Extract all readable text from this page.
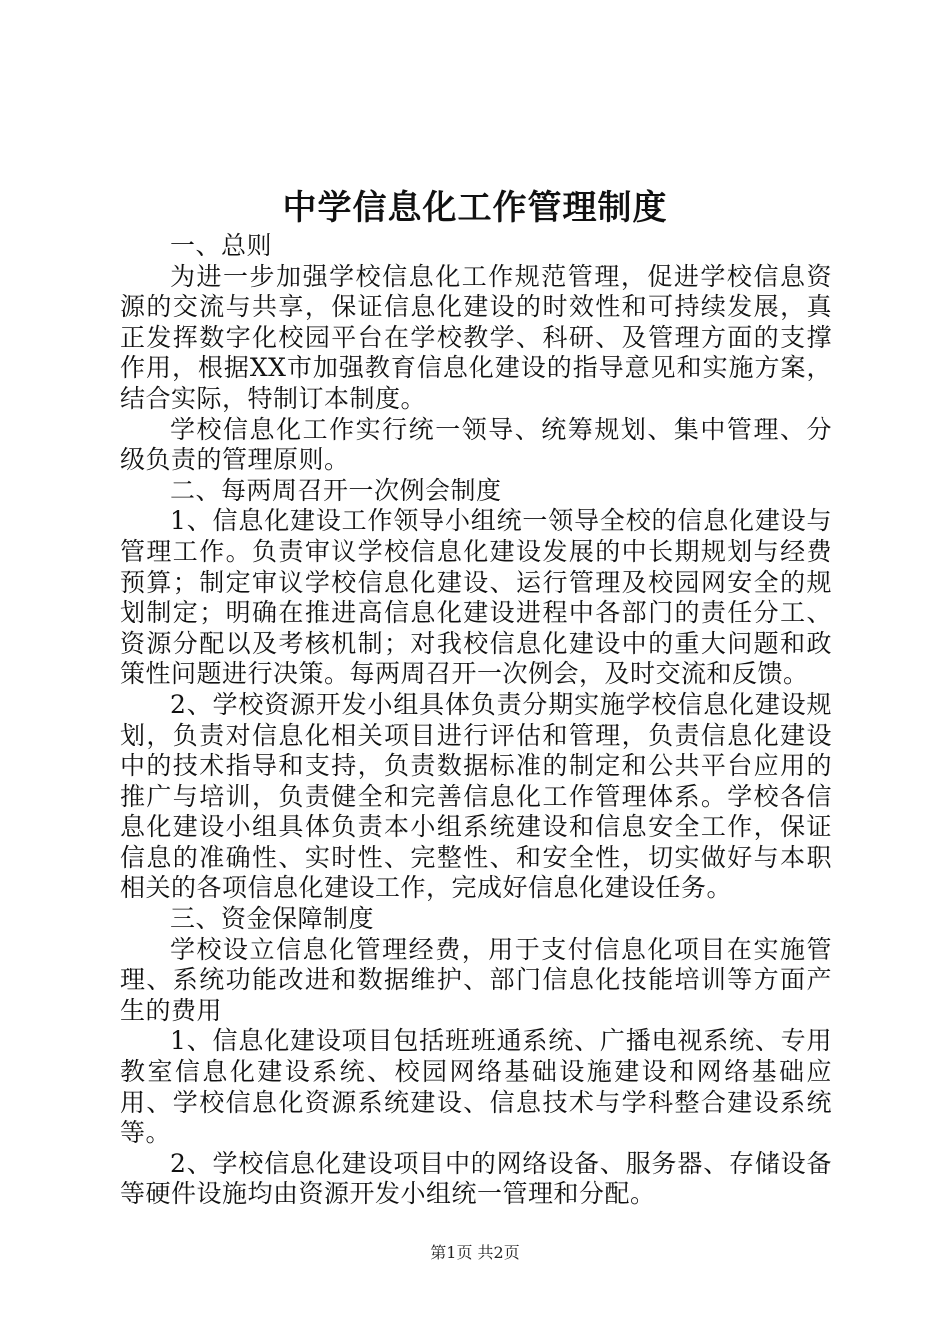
中学信息化工作管理制度

一、总则

为进一步加强学校信息化工作规范管理，促进学校信息资源的交流与共享，保证信息化建设的时效性和可持续发展，真正发挥数字化校园平台在学校教学、科研、及管理方面的支撑作用，根据XX市加强教育信息化建设的指导意见和实施方案，结合实际，特制订本制度。

学校信息化工作实行统一领导、统筹规划、集中管理、分级负责的管理原则。

二、每两周召开一次例会制度

1、信息化建设工作领导小组统一领导全校的信息化建设与管理工作。负责审议学校信息化建设发展的中长期规划与经费预算；制定审议学校信息化建设、运行管理及校园网安全的规划制定；明确在推进高信息化建设进程中各部门的责任分工、资源分配以及考核机制；对我校信息化建设中的重大问题和政策性问题进行决策。每两周召开一次例会，及时交流和反馈。

2、学校资源开发小组具体负责分期实施学校信息化建设规划，负责对信息化相关项目进行评估和管理，负责信息化建设中的技术指导和支持，负责数据标准的制定和公共平台应用的推广与培训，负责健全和完善信息化工作管理体系。学校各信息化建设小组具体负责本小组系统建设和信息安全工作，保证信息的准确性、实时性、完整性、和安全性，切实做好与本职相关的各项信息化建设工作，完成好信息化建设任务。

三、资金保障制度

学校设立信息化管理经费，用于支付信息化项目在实施管理、系统功能改进和数据维护、部门信息化技能培训等方面产生的费用

1、信息化建设项目包括班班通系统、广播电视系统、专用教室信息化建设系统、校园网络基础设施建设和网络基础应用、学校信息化资源系统建设、信息技术与学科整合建设系统等。

2、学校信息化建设项目中的网络设备、服务器、存储设备等硬件设施均由资源开发小组统一管理和分配。

第1页 共2页
